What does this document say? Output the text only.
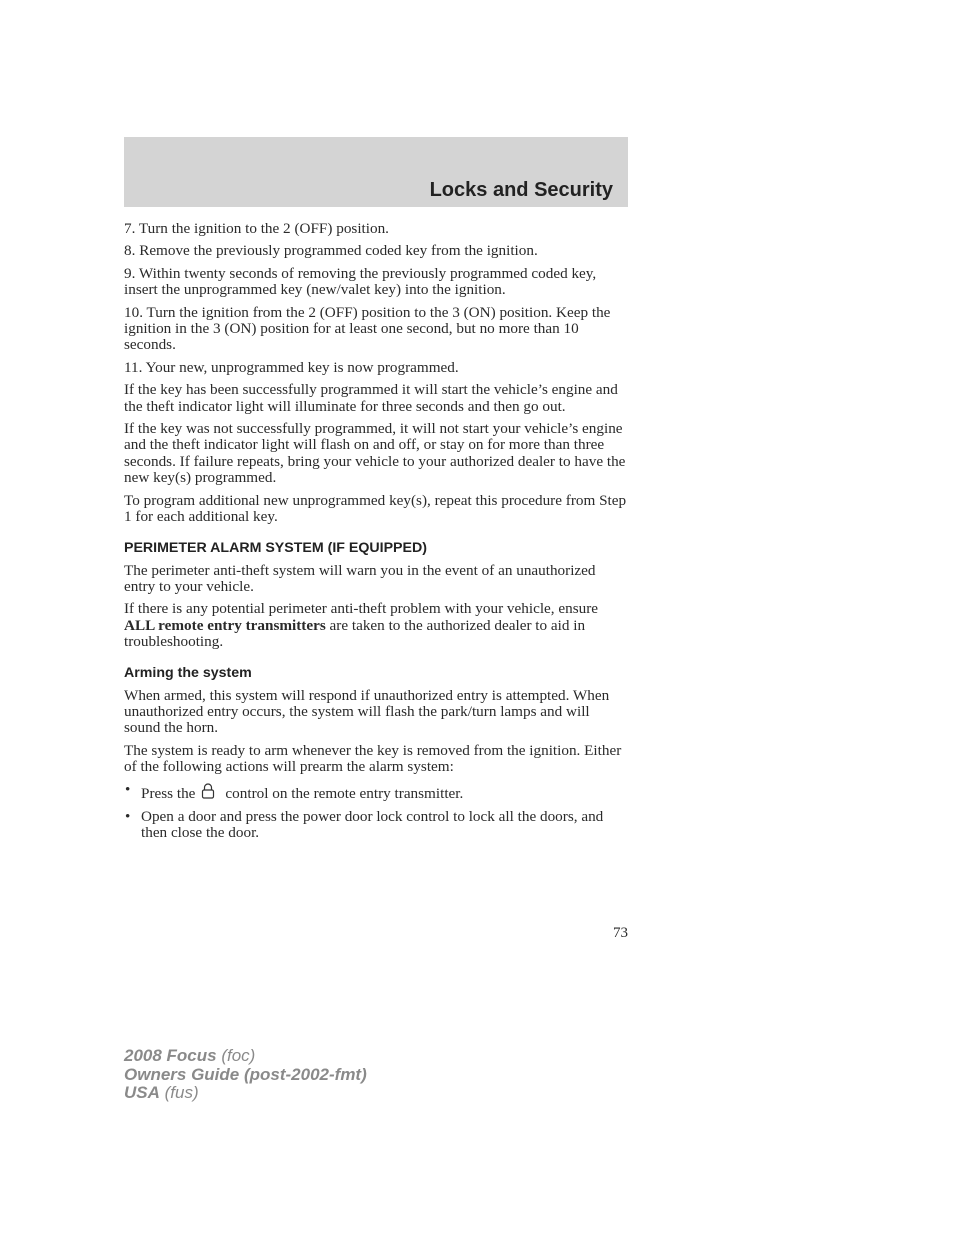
Locks and Security

7. Turn the ignition to the 2 (OFF) position.

8. Remove the previously programmed coded key from the ignition.

9. Within twenty seconds of removing the previously programmed coded key, insert the unprogrammed key (new/valet key) into the ignition.

10. Turn the ignition from the 2 (OFF) position to the 3 (ON) position. Keep the ignition in the 3 (ON) position for at least one second, but no more than 10 seconds.

11. Your new, unprogrammed key is now programmed.

If the key has been successfully programmed it will start the vehicle’s engine and the theft indicator light will illuminate for three seconds and then go out.

If the key was not successfully programmed, it will not start your vehicle’s engine and the theft indicator light will flash on and off, or stay on for more than three seconds. If failure repeats, bring your vehicle to your authorized dealer to have the new key(s) programmed.

To program additional new unprogrammed key(s), repeat this procedure from Step 1 for each additional key.

PERIMETER ALARM SYSTEM (IF EQUIPPED)

The perimeter anti-theft system will warn you in the event of an unauthorized entry to your vehicle.

If there is any potential perimeter anti-theft problem with your vehicle, ensure ALL remote entry transmitters are taken to the authorized dealer to aid in troubleshooting.

Arming the system

When armed, this system will respond if unauthorized entry is attempted. When unauthorized entry occurs, the system will flash the park/turn lamps and will sound the horn.

The system is ready to arm whenever the key is removed from the ignition. Either of the following actions will prearm the alarm system:

• Press the control on the remote entry transmitter.
• Open a door and press the power door lock control to lock all the doors, and then close the door.
73
2008 Focus (foc)
Owners Guide (post-2002-fmt)
USA (fus)
